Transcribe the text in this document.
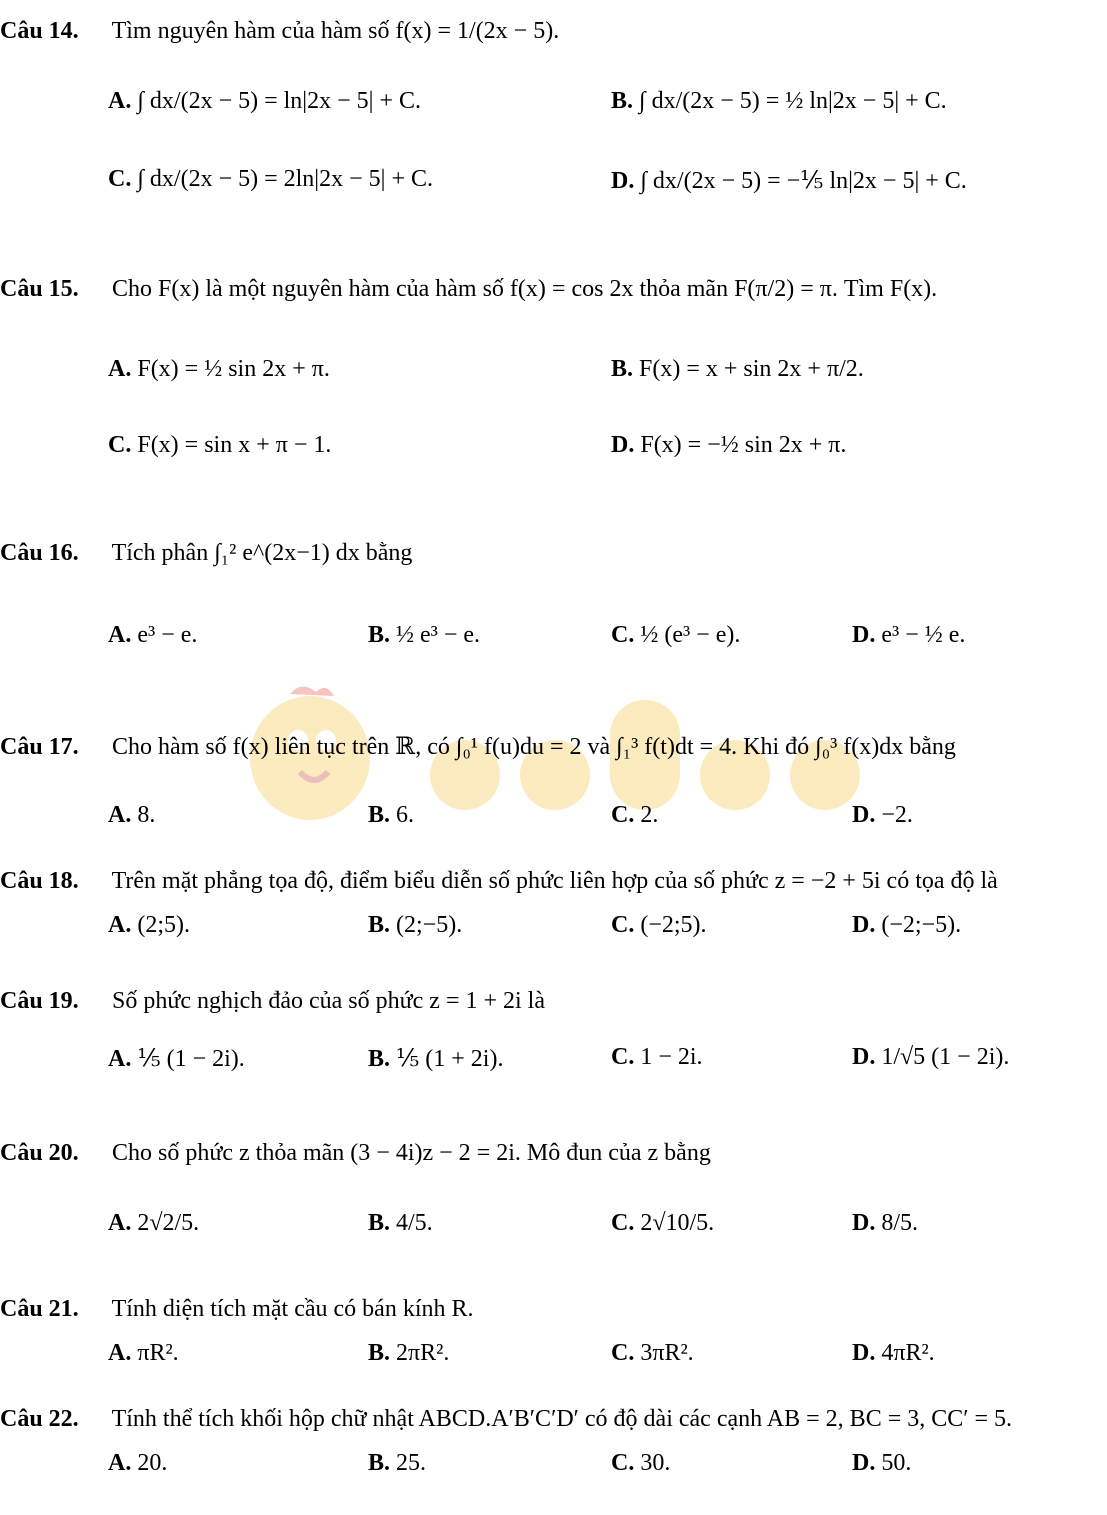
Câu 14. Tìm nguyên hàm của hàm số f(x) = 1/(2x − 5).
A. ∫ dx/(2x − 5) = ln|2x − 5| + C.	B. ∫ dx/(2x − 5) = ½ ln|2x − 5| + C.
C. ∫ dx/(2x − 5) = 2ln|2x − 5| + C.	D. ∫ dx/(2x − 5) = −⅕ ln|2x − 5| + C.
Câu 15. Cho F(x) là một nguyên hàm của hàm số f(x) = cos 2x thỏa mãn F(π/2) = π. Tìm F(x).
A. F(x) = ½ sin 2x + π.	B. F(x) = x + sin 2x + π/2.
C. F(x) = sin x + π − 1.	D. F(x) = −½ sin 2x + π.
Câu 16. Tích phân ∫₁² e^(2x−1) dx bằng
A. e³ − e.	B. ½ e³ − e.	C. ½ (e³ − e).	D. e³ − ½ e.
Câu 17. Cho hàm số f(x) liên tục trên ℝ, có ∫₀¹ f(u)du = 2 và ∫₁³ f(t)dt = 4. Khi đó ∫₀³ f(x)dx bằng
A. 8.	B. 6.	C. 2.	D. −2.
Câu 18. Trên mặt phẳng tọa độ, điểm biểu diễn số phức liên hợp của số phức z = −2 + 5i có tọa độ là
A. (2;5).	B. (2;−5).	C. (−2;5).	D. (−2;−5).
Câu 19. Số phức nghịch đảo của số phức z = 1 + 2i là
A. ⅕ (1 − 2i).	B. ⅕ (1 + 2i).	C. 1 − 2i.	D. 1/√5 (1 − 2i).
Câu 20. Cho số phức z thỏa mãn (3 − 4i)z − 2 = 2i. Mô đun của z bằng
A. 2√2/5.	B. 4/5.	C. 2√10/5.	D. 8/5.
Câu 21. Tính diện tích mặt cầu có bán kính R.
A. πR².	B. 2πR².	C. 3πR².	D. 4πR².
Câu 22. Tính thể tích khối hộp chữ nhật ABCD.A′B′C′D′ có độ dài các cạnh AB = 2, BC = 3, CC′ = 5.
A. 20.	B. 25.	C. 30.	D. 50.
